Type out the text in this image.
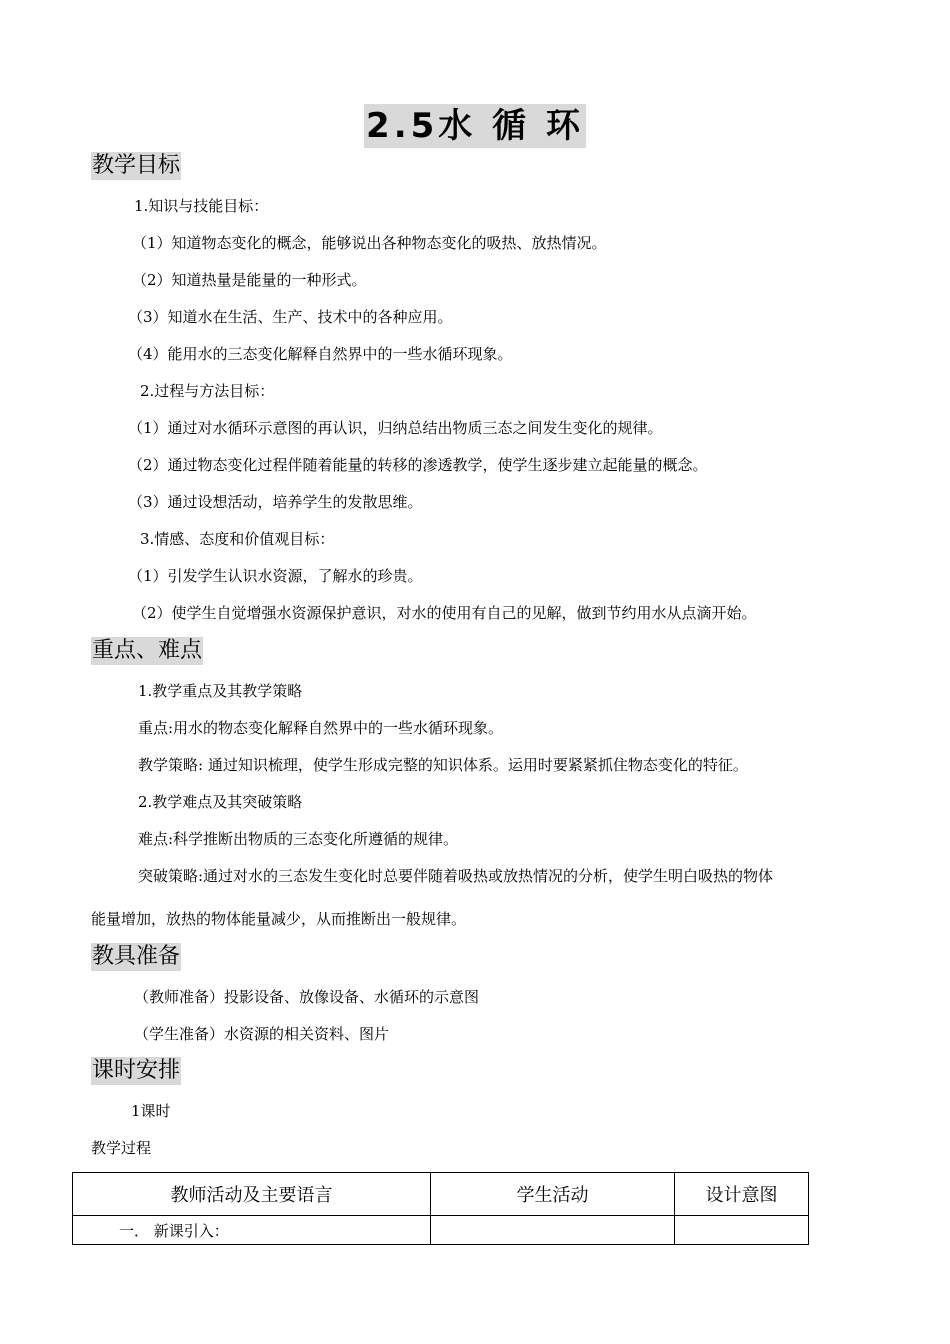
2.5水 循 环
教学目标
1.知识与技能目标：
（1）知道物态变化的概念，能够说出各种物态变化的吸热、放热情况。
（2）知道热量是能量的一种形式。
（3）知道水在生活、生产、技术中的各种应用。
（4）能用水的三态变化解释自然界中的一些水循环现象。
2.过程与方法目标：
（1）通过对水循环示意图的再认识，归纳总结出物质三态之间发生变化的规律。
（2）通过物态变化过程伴随着能量的转移的渗透教学，使学生逐步建立起能量的概念。
（3）通过设想活动，培养学生的发散思维。
3.情感、态度和价值观目标：
（1）引发学生认识水资源，了解水的珍贵。
（2）使学生自觉增强水资源保护意识，对水的使用有自己的见解，做到节约用水从点滴开始。
重点、难点
1.教学重点及其教学策略
重点:用水的物态变化解释自然界中的一些水循环现象。
教学策略: 通过知识梳理，使学生形成完整的知识体系。运用时要紧紧抓住物态变化的特征。
2.教学难点及其突破策略
难点:科学推断出物质的三态变化所遵循的规律。
突破策略:通过对水的三态发生变化时总要伴随着吸热或放热情况的分析，使学生明白吸热的物体
能量增加，放热的物体能量减少，从而推断出一般规律。
教具准备
（教师准备）投影设备、放像设备、水循环的示意图
（学生准备）水资源的相关资料、图片
课时安排
1课时
教学过程
教师活动及主要语言	学生活动	设计意图
一． 新课引入：		
